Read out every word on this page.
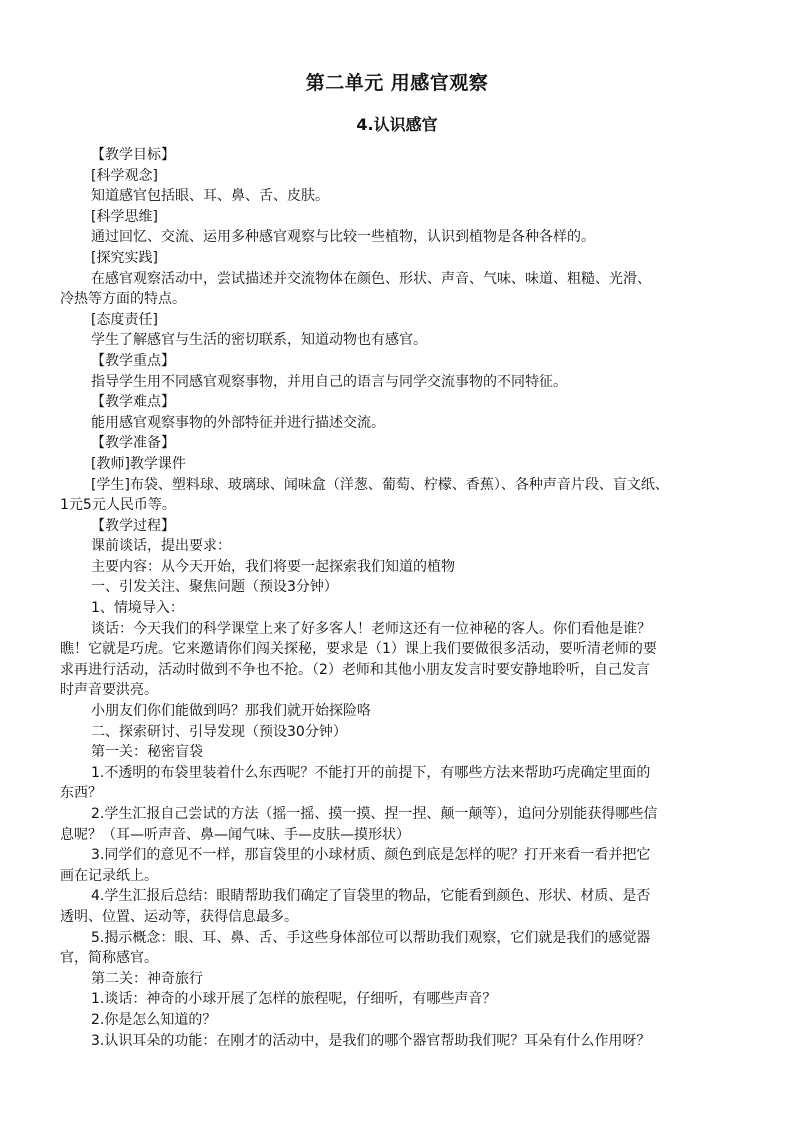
第二单元 用感官观察
4.认识感官

【教学目标】

[科学观念]

知道感官包括眼、耳、鼻、舌、皮肤。

[科学思维]

通过回忆、交流、运用多种感官观察与比较一些植物，认识到植物是各种各样的。

[探究实践]

在感官观察活动中，尝试描述并交流物体在颜色、形状、声音、气味、味道、粗糙、光滑、

冷热等方面的特点。

[态度责任]

学生了解感官与生活的密切联系，知道动物也有感官。

【教学重点】

指导学生用不同感官观察事物，并用自己的语言与同学交流事物的不同特征。

【教学难点】

能用感官观察事物的外部特征并进行描述交流。

【教学准备】

[教师]教学课件

[学生]布袋、塑料球、玻璃球、闻味盒（洋葱、葡萄、柠檬、香蕉）、各种声音片段、盲文纸、

1元5元人民币等。

【教学过程】

课前谈话，提出要求：

主要内容：从今天开始，我们将要一起探索我们知道的植物

一、引发关注、聚焦问题（预设3分钟）

1、情境导入：

谈话：今天我们的科学课堂上来了好多客人！老师这还有一位神秘的客人。你们看他是谁？

瞧！它就是巧虎。它来邀请你们闯关探秘，要求是（1）课上我们要做很多活动，要听清老师的要

求再进行活动，活动时做到不争也不抢。（2）老师和其他小朋友发言时要安静地聆听，自己发言

时声音要洪亮。

小朋友们你们能做到吗？那我们就开始探险咯

二、探索研讨、引导发现（预设30分钟）

第一关：秘密盲袋

1.不透明的布袋里装着什么东西呢？不能打开的前提下，有哪些方法来帮助巧虎确定里面的

东西？

2.学生汇报自己尝试的方法（摇一摇、摸一摸、捏一捏、颠一颠等），追问分别能获得哪些信

息呢？（耳—听声音、鼻—闻气味、手—皮肤—摸形状）

3.同学们的意见不一样，那盲袋里的小球材质、颜色到底是怎样的呢？打开来看一看并把它

画在记录纸上。

4.学生汇报后总结：眼睛帮助我们确定了盲袋里的物品，它能看到颜色、形状、材质、是否

透明、位置、运动等，获得信息最多。

5.揭示概念：眼、耳、鼻、舌、手这些身体部位可以帮助我们观察，它们就是我们的感觉器

官，简称感官。

第二关：神奇旅行

1.谈话：神奇的小球开展了怎样的旅程呢，仔细听，有哪些声音？

2.你是怎么知道的？

3.认识耳朵的功能：在刚才的活动中，是我们的哪个器官帮助我们呢？耳朵有什么作用呀？
